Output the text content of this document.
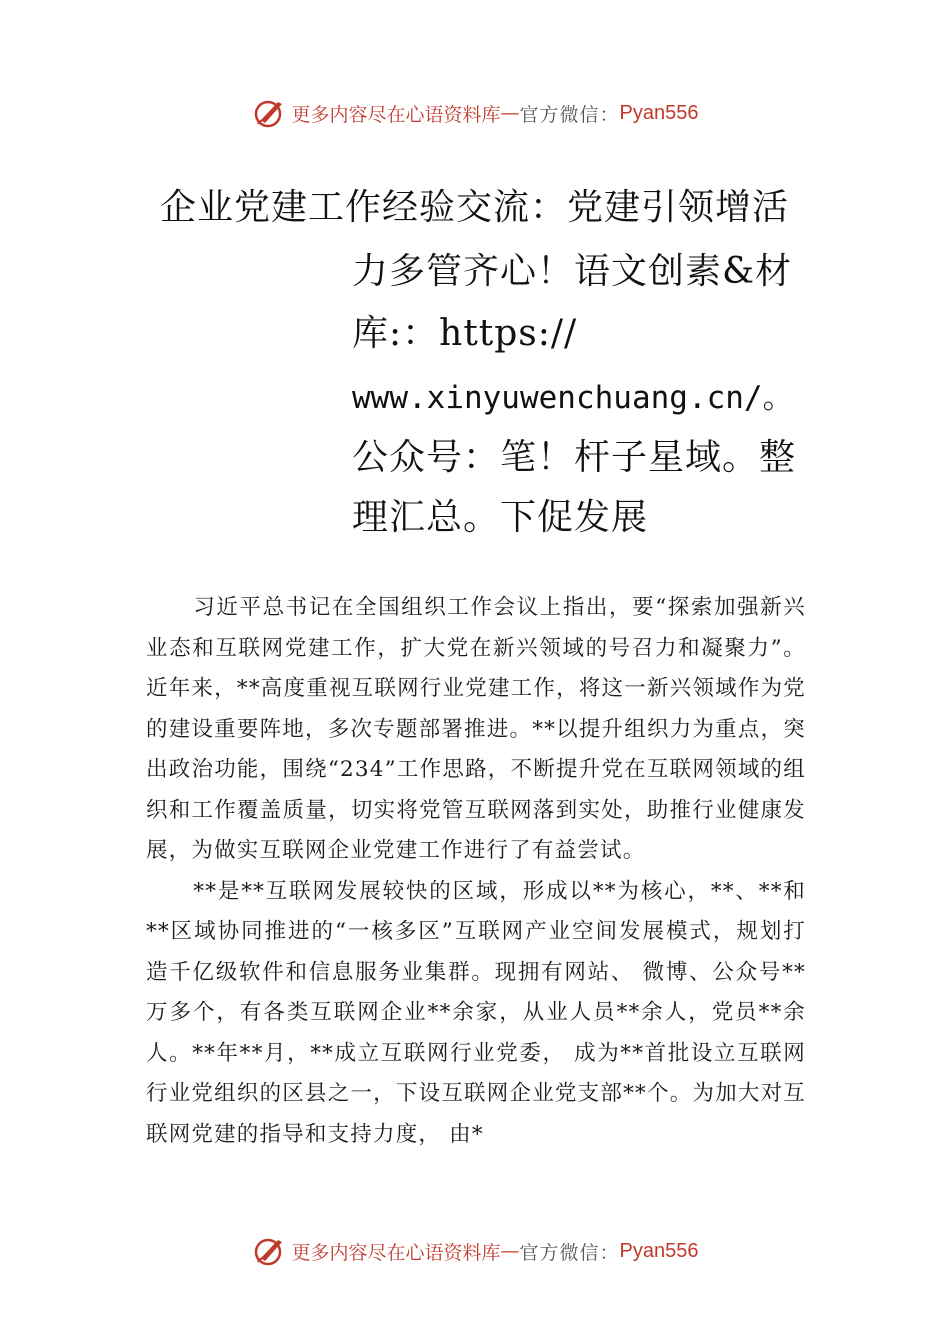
更多内容尽在心语资料库 — 官方微信： Pyan556
企业党建工作经验交流：党建引领增活
力多管齐心！语文创素&材
库:：https://
www.xinyuwenchuang.cn/。
公众号：笔！杆子星域。整
理汇总。下促发展

习近平总书记在全国组织工作会议上指出，要“探索加强新兴业态和互联网党建工作，扩大党在新兴领域的号召力和凝聚力”。近年来，**高度重视互联网行业党建工作，将这一新兴领域作为党的建设重要阵地，多次专题部署推进。**以提升组织力为重点，突出政治功能，围绕“234”工作思路，不断提升党在互联网领域的组织和工作覆盖质量，切实将党管互联网落到实处，助推行业健康发展，为做实互联网企业党建工作进行了有益尝试。

**是**互联网发展较快的区域，形成以**为核心，**、**和**区域协同推进的“一核多区”互联网产业空间发展模式，规划打造千亿级软件和信息服务业集群。现拥有网站、 微博、公众号**万多个，有各类互联网企业**余家，从业人员**余人，党员**余人。**年**月，**成立互联网行业党委， 成为**首批设立互联网行业党组织的区县之一，下设互联网企业党支部**个。为加大对互联网党建的指导和支持力度， 由*

更多内容尽在心语资料库 — 官方微信： Pyan556
